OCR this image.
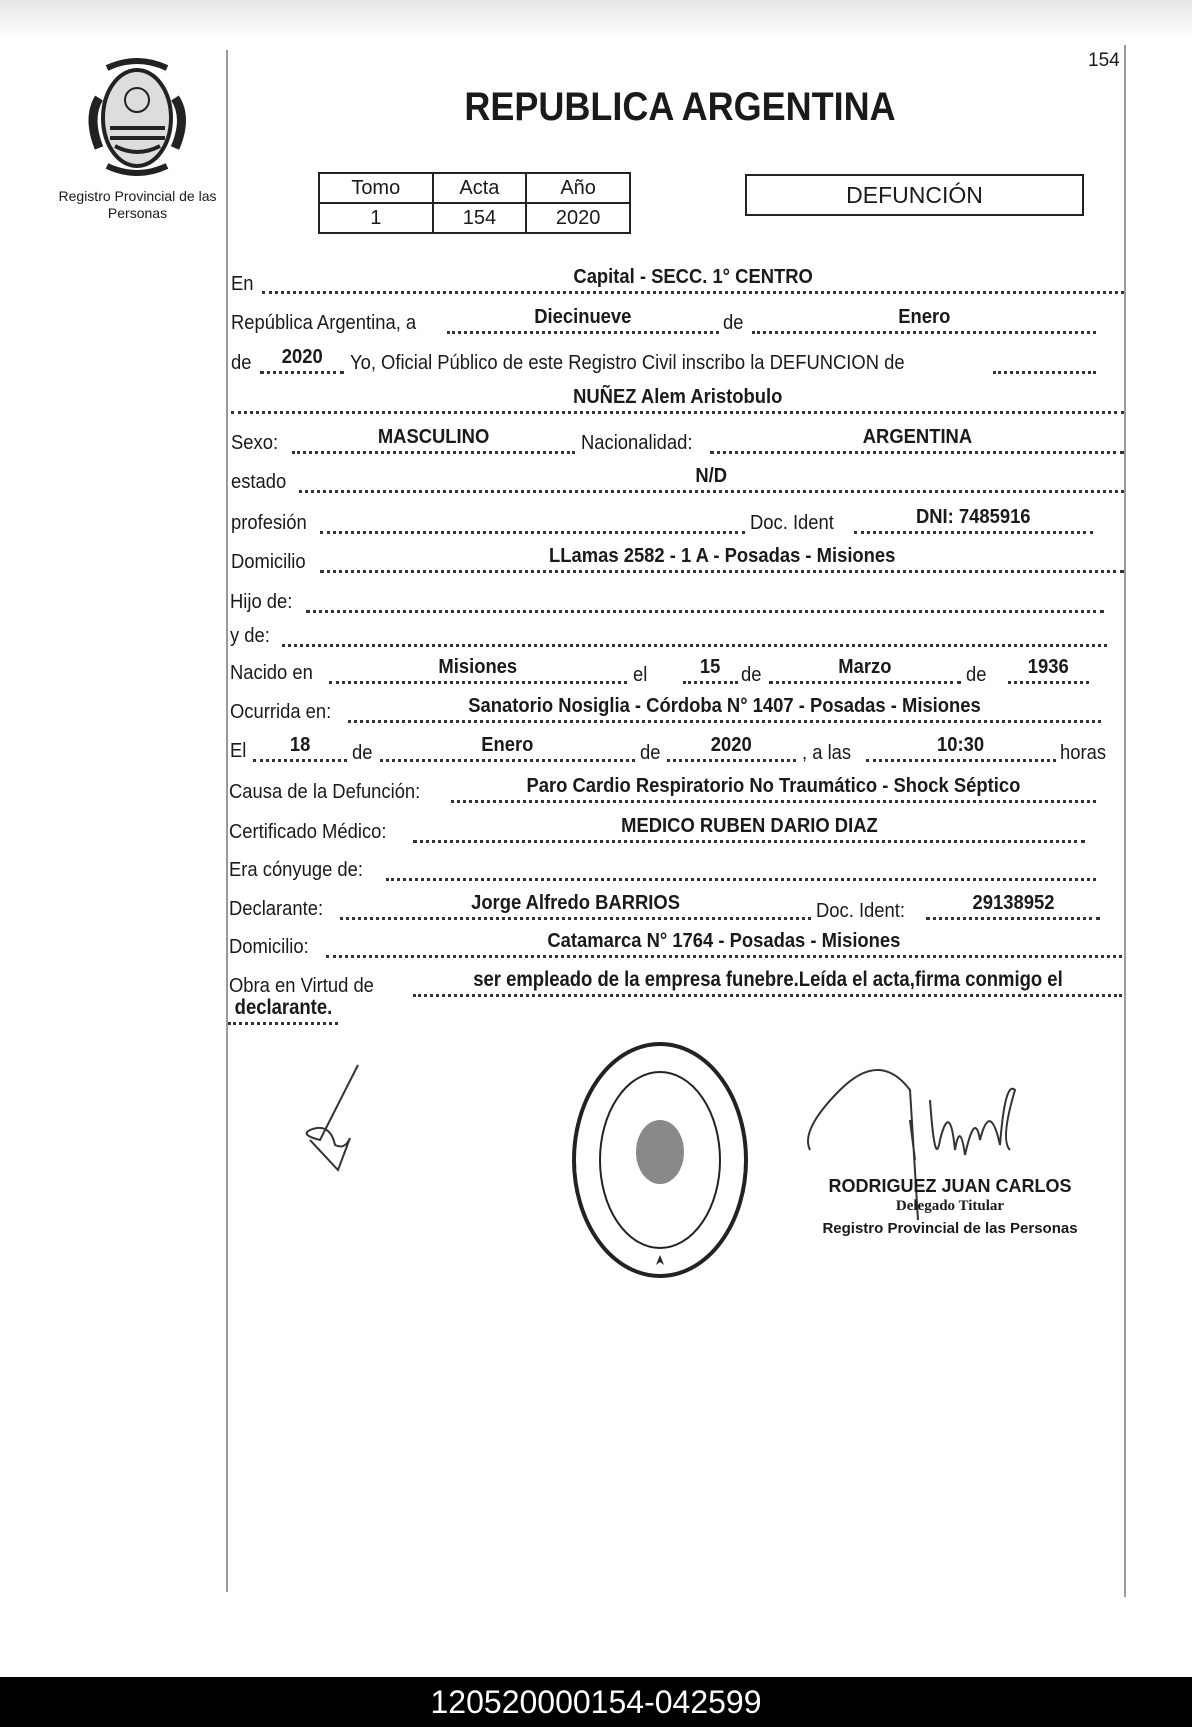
Registro Provincial de las Personas
154
REPUBLICA ARGENTINA
Tomo	Acta	Año
1	154	2020
DEFUNCIÓN
En	Capital - SECC. 1° CENTRO
República Argentina, a	Diecinueve	de	Enero
de	2020	Yo, Oficial Público de este Registro Civil inscribo la DEFUNCION de
NUÑEZ Alem Aristobulo
Sexo:	MASCULINO	Nacionalidad:	ARGENTINA
estado	N/D
profesión	Doc. Ident	DNI: 7485916
Domicilio	LLamas 2582 - 1 A - Posadas - Misiones
Hijo de:
y de:
Nacido en	Misiones	el	15	de	Marzo	de	1936
Ocurrida en:	Sanatorio Nosiglia - Córdoba N° 1407 - Posadas - Misiones
El	18	de	Enero	de	2020	, a las	10:30	horas
Causa de la Defunción:	Paro Cardio Respiratorio No Traumático - Shock Séptico
Certificado Médico:	MEDICO RUBEN DARIO DIAZ
Era cónyuge de:
Declarante:	Jorge Alfredo BARRIOS	Doc. Ident:	29138952
Domicilio:	Catamarca N° 1764 - Posadas - Misiones
Obra en Virtud de	ser empleado de la empresa funebre.Leída el acta,firma conmigo el
declarante.
RODRIGUEZ JUAN CARLOS
Delegado Titular
Registro Provincial de las Personas
120520000154-042599
